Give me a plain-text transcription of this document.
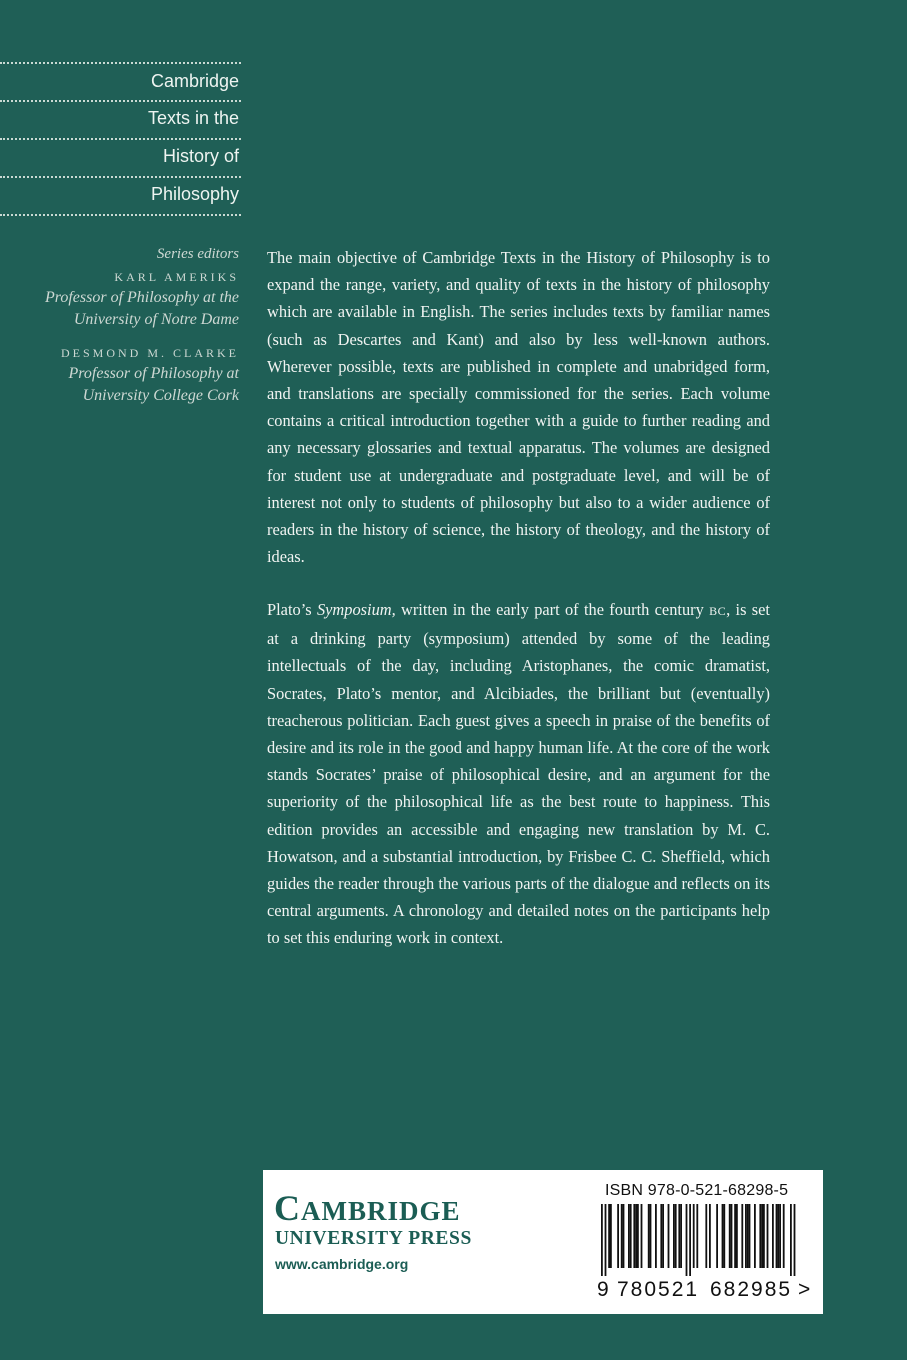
Cambridge
Texts in the
History of
Philosophy
Series editors
KARL AMERIKS
Professor of Philosophy at the
University of Notre Dame
DESMOND M. CLARKE
Professor of Philosophy at
University College Cork

The main objective of Cambridge Texts in the History of Philosophy is to expand the range, variety, and quality of texts in the history of philosophy which are available in English. The series includes texts by familiar names (such as Descartes and Kant) and also by less well-known authors. Wherever possible, texts are published in complete and unabridged form, and translations are specially commissioned for the series. Each volume contains a critical introduction together with a guide to further reading and any necessary glossaries and textual apparatus. The volumes are designed for student use at undergraduate and postgraduate level, and will be of interest not only to students of philosophy but also to a wider audience of readers in the history of science, the history of theology, and the history of ideas.

Plato’s Symposium, written in the early part of the fourth century BC, is set at a drinking party (symposium) attended by some of the leading intellectuals of the day, including Aristophanes, the comic dramatist, Socrates, Plato’s mentor, and Alcibiades, the brilliant but (eventually) treacherous politician. Each guest gives a speech in praise of the benefits of desire and its role in the good and happy human life. At the core of the work stands Socrates’ praise of philosophical desire, and an argument for the superiority of the philosophical life as the best route to happiness. This edition provides an accessible and engaging new translation by M. C. Howatson, and a substantial introduction, by Frisbee C. C. Sheffield, which guides the reader through the various parts of the dialogue and reflects on its central arguments. A chronology and detailed notes on the participants help to set this enduring work in context.

CAMBRIDGE
UNIVERSITY PRESS
www.cambridge.org
ISBN 978-0-521-68298-5
9 780521 682985 >
